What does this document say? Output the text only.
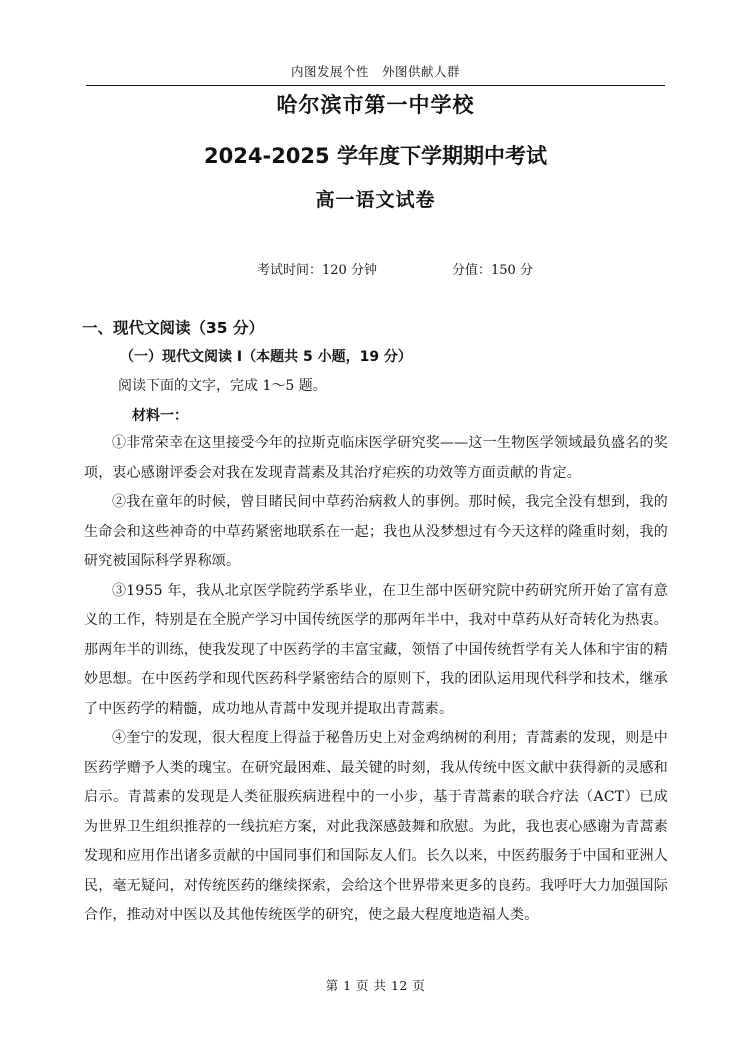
内图发展个性　外图供献人群
哈尔滨市第一中学校
2024-2025 学年度下学期期中考试
高一语文试卷
考试时间：120 分钟	分值：150 分
一、现代文阅读（35 分）
（一）现代文阅读 I（本题共 5 小题，19 分）
阅读下面的文字，完成 1～5 题。
材料一：

①非常荣幸在这里接受今年的拉斯克临床医学研究奖——这一生物医学领域最负盛名的奖项，衷心感谢评委会对我在发现青蒿素及其治疗疟疾的功效等方面贡献的肯定。

②我在童年的时候，曾目睹民间中草药治病救人的事例。那时候，我完全没有想到，我的生命会和这些神奇的中草药紧密地联系在一起；我也从没梦想过有今天这样的隆重时刻，我的研究被国际科学界称颂。

③1955 年，我从北京医学院药学系毕业，在卫生部中医研究院中药研究所开始了富有意义的工作，特别是在全脱产学习中国传统医学的那两年半中，我对中草药从好奇转化为热衷。那两年半的训练，使我发现了中医药学的丰富宝藏，领悟了中国传统哲学有关人体和宇宙的精妙思想。在中医药学和现代医药科学紧密结合的原则下，我的团队运用现代科学和技术，继承了中医药学的精髓，成功地从青蒿中发现并提取出青蒿素。

④奎宁的发现，很大程度上得益于秘鲁历史上对金鸡纳树的利用；青蒿素的发现，则是中医药学赠予人类的瑰宝。在研究最困难、最关键的时刻，我从传统中医文献中获得新的灵感和启示。青蒿素的发现是人类征服疾病进程中的一小步，基于青蒿素的联合疗法（ACT）已成为世界卫生组织推荐的一线抗疟方案，对此我深感鼓舞和欣慰。为此，我也衷心感谢为青蒿素发现和应用作出诸多贡献的中国同事们和国际友人们。长久以来，中医药服务于中国和亚洲人民，毫无疑问，对传统医药的继续探索，会给这个世界带来更多的良药。我呼吁大力加强国际合作，推动对中医以及其他传统医学的研究，使之最大程度地造福人类。

第 1 页 共 12 页
